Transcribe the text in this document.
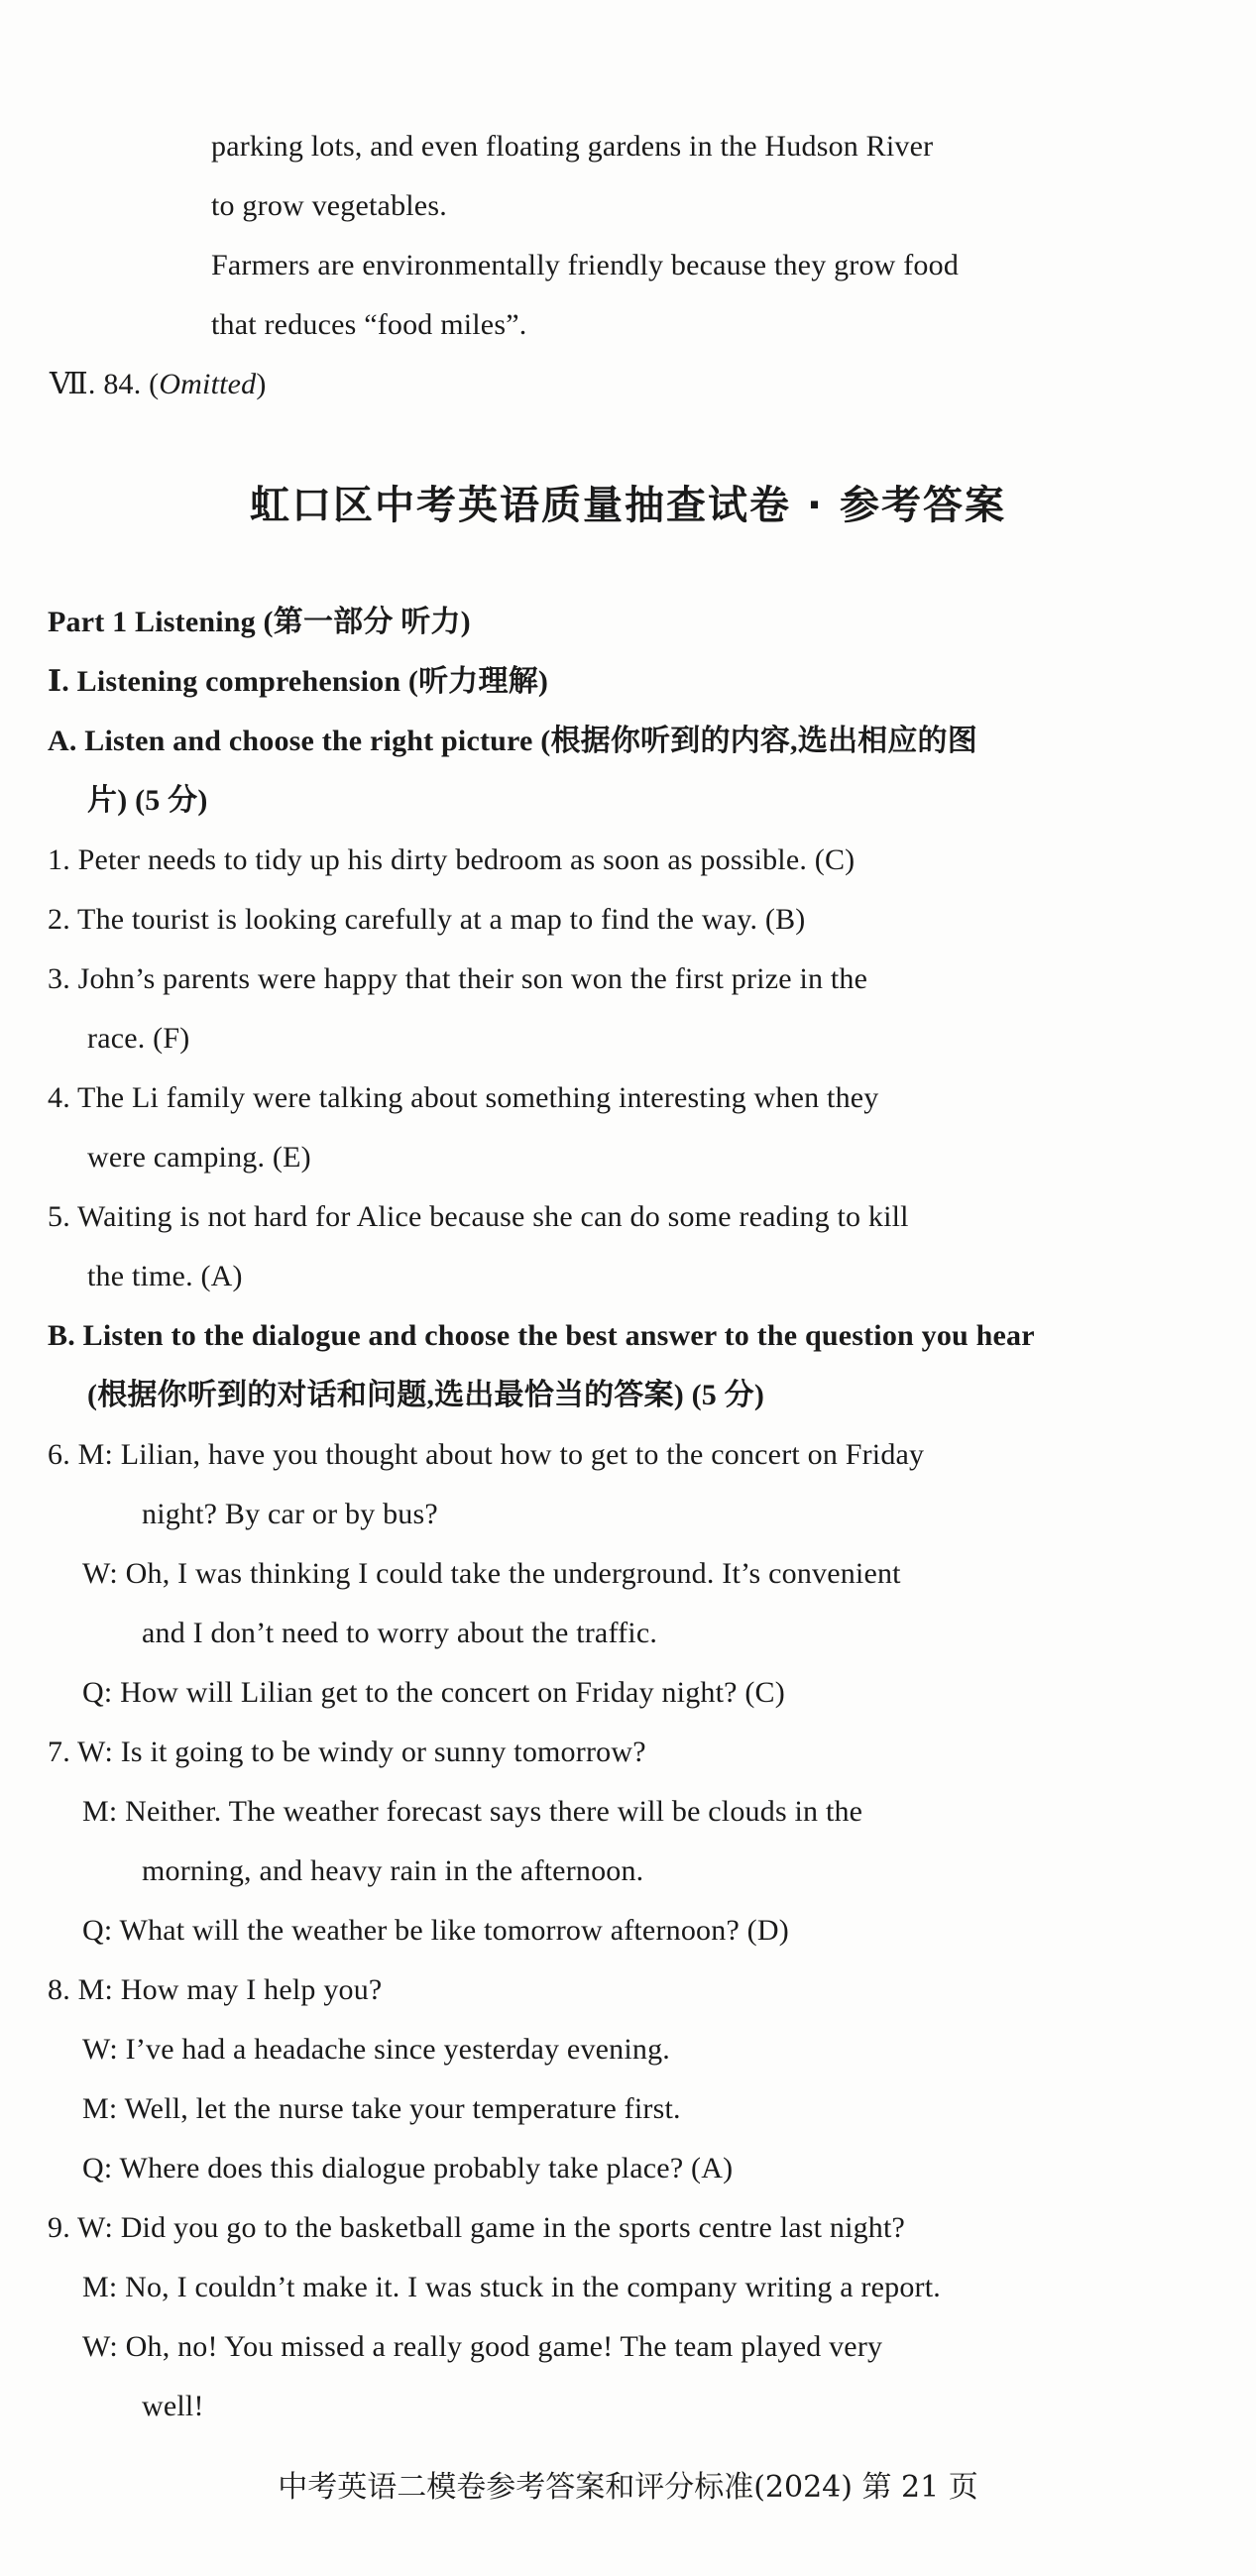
parking lots, and even floating gardens in the Hudson River
to grow vegetables.
Farmers are environmentally friendly because they grow food
that reduces “food miles”.
Ⅶ. 84. (Omitted)
虹口区中考英语质量抽查试卷 · 参考答案
Part 1 Listening (第一部分 听力)
Ⅰ. Listening comprehension (听力理解)
A. Listen and choose the right picture (根据你听到的内容,选出相应的图
片) (5 分)
1. Peter needs to tidy up his dirty bedroom as soon as possible. (C)
2. The tourist is looking carefully at a map to find the way. (B)
3. John’s parents were happy that their son won the first prize in the
race. (F)
4. The Li family were talking about something interesting when they
were camping. (E)
5. Waiting is not hard for Alice because she can do some reading to kill
the time. (A)
B. Listen to the dialogue and choose the best answer to the question you hear
(根据你听到的对话和问题,选出最恰当的答案) (5 分)
6. M: Lilian, have you thought about how to get to the concert on Friday
night? By car or by bus?
W: Oh, I was thinking I could take the underground. It’s convenient
and I don’t need to worry about the traffic.
Q: How will Lilian get to the concert on Friday night? (C)
7. W: Is it going to be windy or sunny tomorrow?
M: Neither. The weather forecast says there will be clouds in the
morning, and heavy rain in the afternoon.
Q: What will the weather be like tomorrow afternoon? (D)
8. M: How may I help you?
W: I’ve had a headache since yesterday evening.
M: Well, let the nurse take your temperature first.
Q: Where does this dialogue probably take place? (A)
9. W: Did you go to the basketball game in the sports centre last night?
M: No, I couldn’t make it. I was stuck in the company writing a report.
W: Oh, no! You missed a really good game! The team played very
well!
中考英语二模卷参考答案和评分标准(2024) 第 21 页
